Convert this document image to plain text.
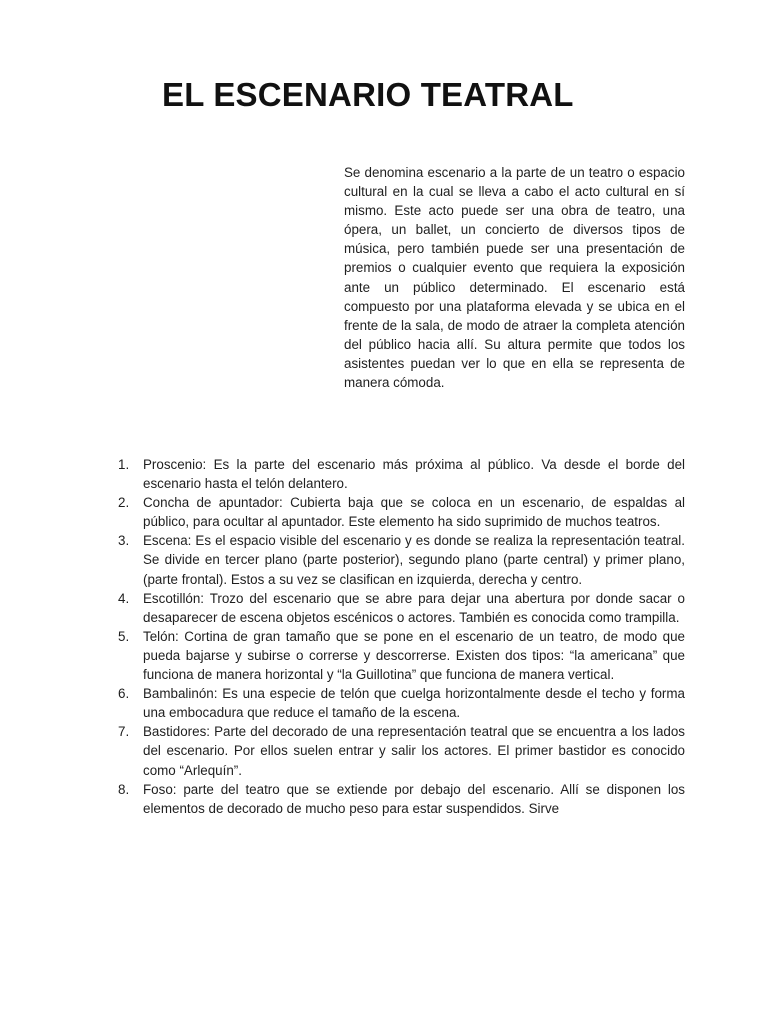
EL ESCENARIO TEATRAL

Se denomina escenario a la parte de un teatro o espacio cultural en la cual se lleva a cabo el acto cultural en sí mismo. Este acto puede ser una obra de teatro, una ópera, un ballet, un concierto de diversos tipos de música, pero también puede ser una presentación de premios o cualquier evento que requiera la exposición ante un público determinado. El escenario está compuesto por una plataforma elevada y se ubica en el frente de la sala, de modo de atraer la completa atención del público hacia allí. Su altura permite que todos los asistentes puedan ver lo que en ella se representa de manera cómoda.

1. Proscenio: Es la parte del escenario más próxima al público. Va desde el borde del escenario hasta el telón delantero.
2. Concha de apuntador: Cubierta baja que se coloca en un escenario, de espaldas al público, para ocultar al apuntador. Este elemento ha sido suprimido de muchos teatros.
3. Escena: Es el espacio visible del escenario y es donde se realiza la representación teatral. Se divide en tercer plano (parte posterior), segundo plano (parte central) y primer plano, (parte frontal). Estos a su vez se clasifican en izquierda, derecha y centro.
4. Escotillón: Trozo del escenario que se abre para dejar una abertura por donde sacar o desaparecer de escena objetos escénicos o actores. También es conocida como trampilla.
5. Telón: Cortina de gran tamaño que se pone en el escenario de un teatro, de modo que pueda bajarse y subirse o correrse y descorrerse. Existen dos tipos: “la americana” que funciona de manera horizontal y “la Guillotina” que funciona de manera vertical.
6. Bambalinón: Es una especie de telón que cuelga horizontalmente desde el techo y forma una embocadura que reduce el tamaño de la escena.
7. Bastidores: Parte del decorado de una representación teatral que se encuentra a los lados del escenario. Por ellos suelen entrar y salir los actores. El primer bastidor es conocido como “Arlequín”.
8. Foso: parte del teatro que se extiende por debajo del escenario. Allí se disponen los elementos de decorado de mucho peso para estar suspendidos. Sirve
